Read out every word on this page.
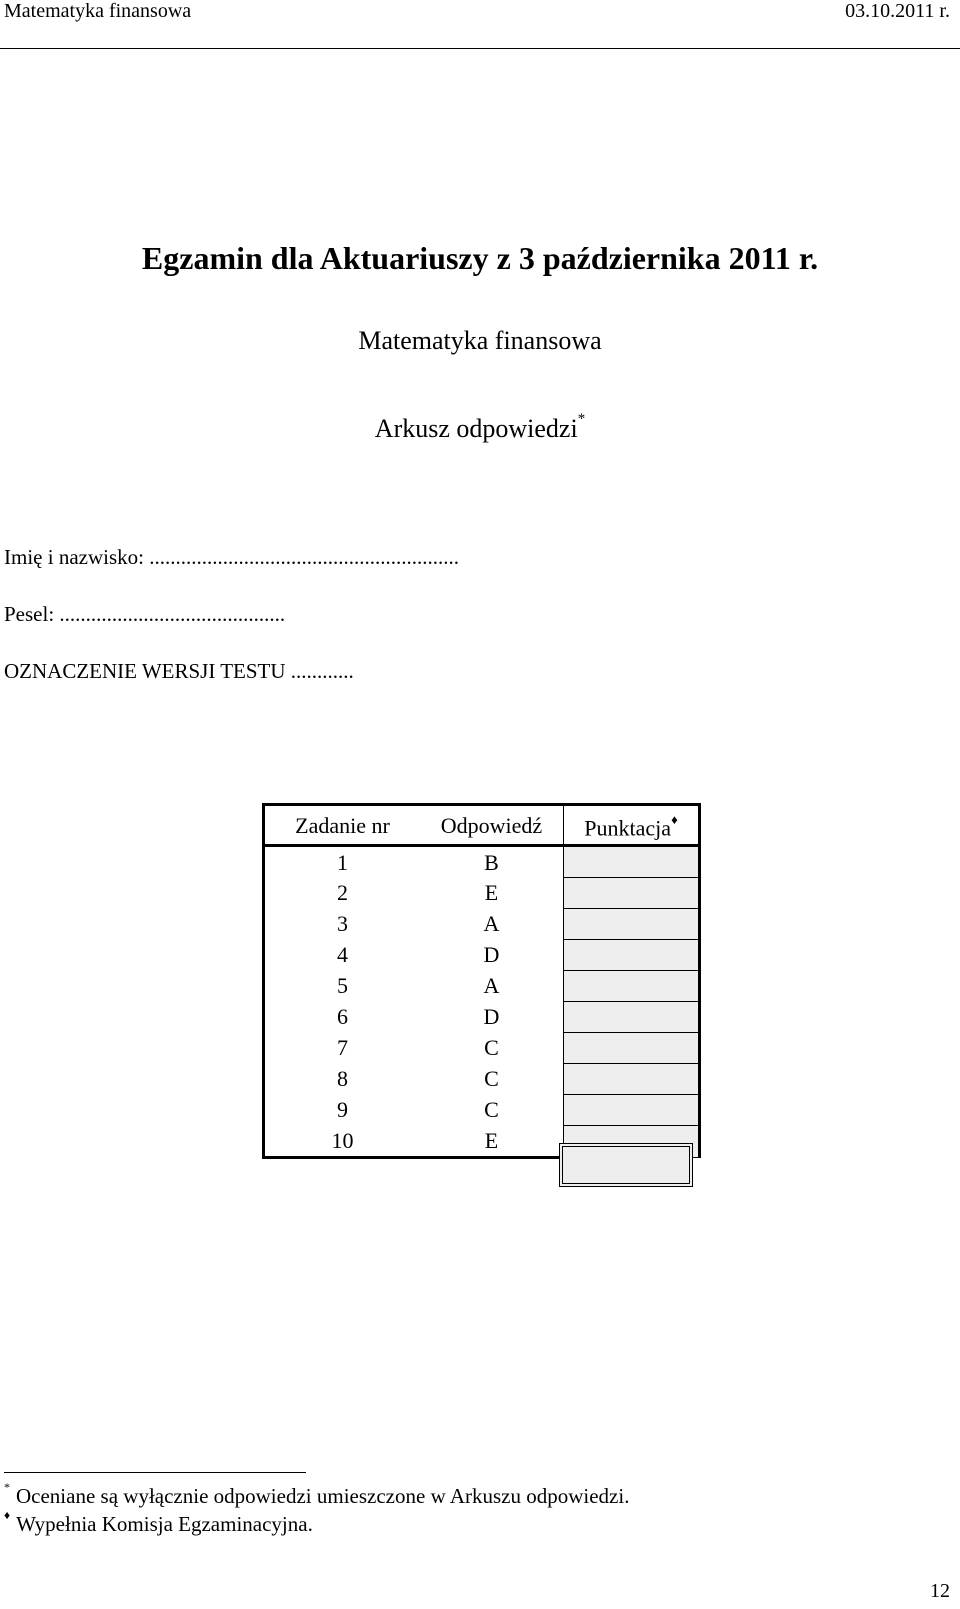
Matematyka finansowa	03.10.2011 r.
Egzamin dla Aktuariuszy z 3 października 2011 r.
Matematyka finansowa
Arkusz odpowiedzi*
Imię i nazwisko: ...........................................................
Pesel: ...........................................
OZNACZENIE WERSJI TESTU ............
Zadanie nr	Odpowiedź	Punktacja♦
1	B	
2	E	
3	A	
4	D	
5	A	
6	D	
7	C	
8	C	
9	C	
10	E	
* Oceniane są wyłącznie odpowiedzi umieszczone w Arkuszu odpowiedzi.
♦ Wypełnia Komisja Egzaminacyjna.
12
